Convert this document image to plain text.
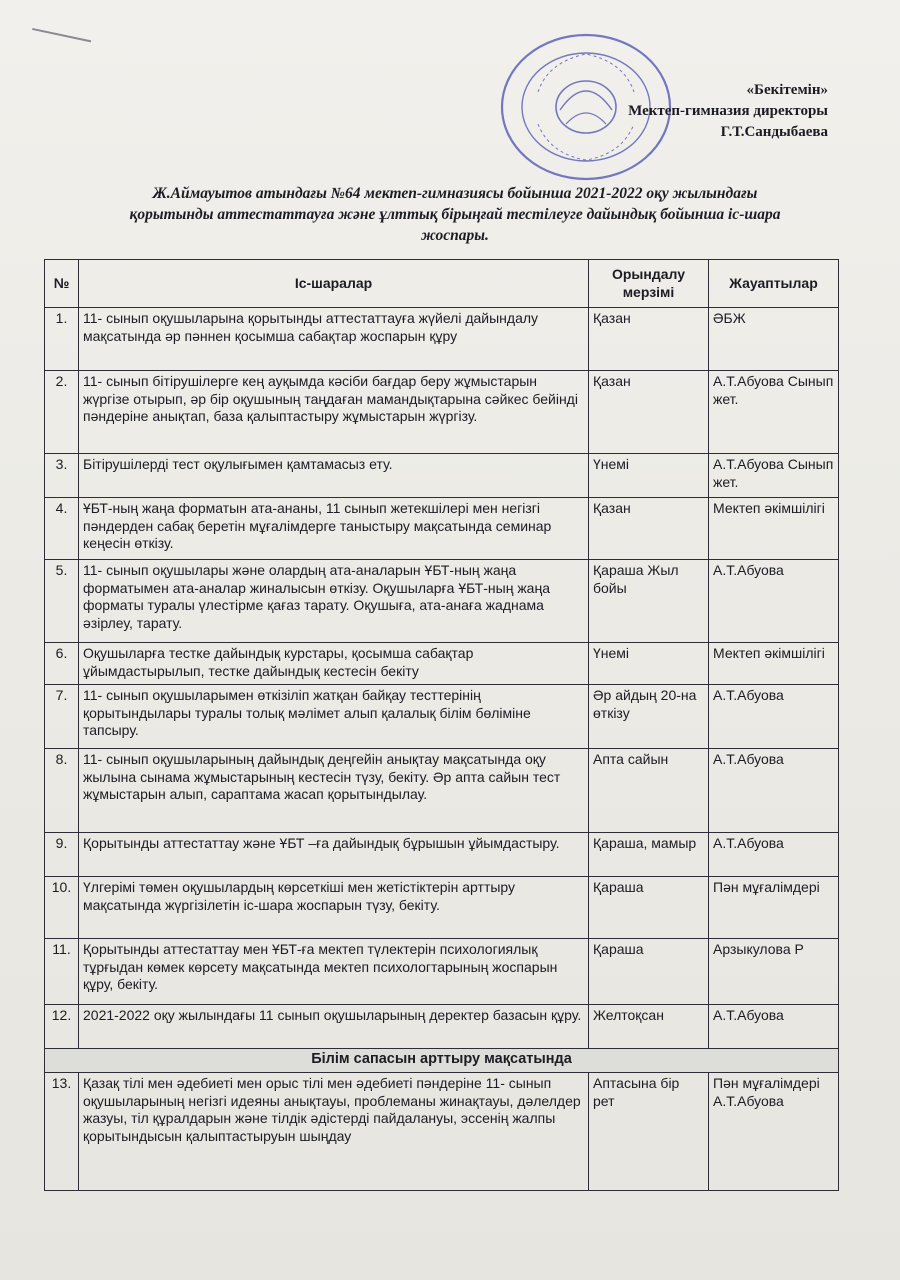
«Бекітемін»
Мектеп-гимназия директоры
Г.Т.Сандыбаева
Ж.Аймауытов атындағы №64 мектеп-гимназиясы бойынша 2021-2022 оқу жылындағы қорытынды аттестаттауға және ұлттық бірыңғай тестілеуге дайындық бойынша іс-шара жоспары.
№	Іс-шаралар	Орындалу мерзімі	Жауаптылар
1.	11- сынып оқушыларына қорытынды аттестаттауға жүйелі дайындалу мақсатында әр пәннен қосымша сабақтар жоспарын құру	Қазан	ӘБЖ
2.	11- сынып бітірушілерге кең ауқымда кәсіби бағдар беру жұмыстарын жүргізе отырып, әр бір оқушының таңдаған мамандықтарына сәйкес бейінді пәндеріне анықтап, база қалыптастыру жұмыстарын жүргізу.	Қазан	А.Т.Абуова Сынып жет.
3.	Бітірушілерді тест оқулығымен қамтамасыз ету.	Үнемі	А.Т.Абуова Сынып жет.
4.	ҰБТ-ның жаңа форматын ата-ананы, 11 сынып жетекшілері мен негізгі пәндерден сабақ беретін мұғалімдерге таныстыру мақсатында семинар кеңесін өткізу.	Қазан	Мектеп әкімшілігі
5.	11- сынып оқушылары және олардың ата-аналарын ҰБТ-ның жаңа форматымен ата-аналар жиналысын өткізу. Оқушыларға ҰБТ-ның жаңа форматы туралы үлестірме қағаз тарату. Оқушыға, ата-анаға жаднама әзірлеу, тарату.	Қараша Жыл бойы	А.Т.Абуова
6.	Оқушыларға тестке дайындық курстары, қосымша сабақтар ұйымдастырылып, тестке дайындық кестесін бекіту	Үнемі	Мектеп әкімшілігі
7.	11- сынып оқушыларымен өткізіліп жатқан байқау тесттерінің қорытындылары туралы толық мәлімет алып қалалық білім бөліміне тапсыру.	Әр айдың 20-на өткізу	А.Т.Абуова
8.	11- сынып оқушыларының дайындық деңгейін анықтау мақсатында оқу жылына сынама жұмыстарының кестесін түзу, бекіту. Әр апта сайын тест жұмыстарын алып, сараптама жасап қорытындылау.	Апта сайын	А.Т.Абуова
9.	Қорытынды аттестаттау және ҰБТ –ға дайындық бұрышын ұйымдастыру.	Қараша, мамыр	А.Т.Абуова
10.	Үлгерімі төмен оқушылардың көрсеткіші мен жетістіктерін арттыру мақсатында жүргізілетін іс-шара жоспарын түзу, бекіту.	Қараша	Пән мұғалімдері
11.	Қорытынды аттестаттау мен ҰБТ-ға мектеп түлектерін психологиялық тұрғыдан көмек көрсету мақсатында мектеп психологтарының жоспарын құру, бекіту.	Қараша	Арзыкулова Р
12.	2021-2022 оқу жылындағы 11 сынып оқушыларының деректер базасын құру.	Желтоқсан	А.Т.Абуова
Білім сапасын арттыру мақсатында			
13.	Қазақ тілі мен әдебиеті мен орыс тілі мен әдебиеті пәндеріне 11- сынып оқушыларының негізгі идеяны анықтауы, проблеманы жинақтауы, дәлелдер жазуы, тіл құралдарын және тілдік әдістерді пайдалануы, эссенің жалпы қорытындысын қалыптастыруын шыңдау	Аптасына бір рет	Пән мұғалімдері А.Т.Абуова
